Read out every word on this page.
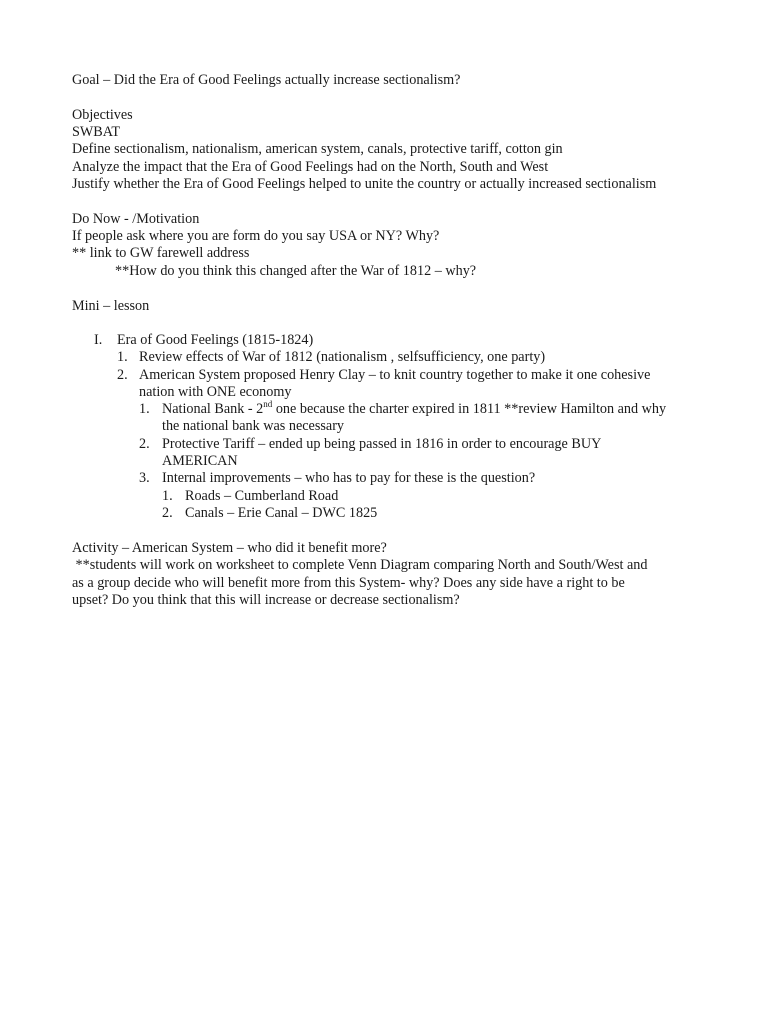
Goal – Did the Era of Good Feelings actually increase sectionalism?
Objectives
SWBAT
Define sectionalism, nationalism, american system, canals, protective tariff, cotton gin
Analyze the impact that the Era of Good Feelings had on the North, South and West
Justify whether the Era of Good Feelings helped to unite the country or actually increased sectionalism
Do Now - /Motivation
If people ask where you are form do you say USA or NY? Why?
** link to GW farewell address
**How do you think this changed after the War of 1812 – why?
Mini – lesson
I. Era of Good Feelings (1815-1824)
1. Review effects of War of 1812 (nationalism , selfsufficiency, one party)
2. American System proposed Henry Clay – to knit country together to make it one cohesive
nation with ONE economy
1. National Bank - 2nd one because the charter expired in 1811 **review Hamilton and why
the national bank was necessary
2. Protective Tariff – ended up being passed in 1816 in order to encourage BUY
AMERICAN
3. Internal improvements – who has to pay for these is the question?
1. Roads – Cumberland Road
2. Canals – Erie Canal – DWC 1825
Activity – American System – who did it benefit more?
**students will work on worksheet to complete Venn Diagram comparing North and South/West and
as a group decide who will benefit more from this System- why? Does any side have a right to be
upset? Do you think that this will increase or decrease sectionalism?
